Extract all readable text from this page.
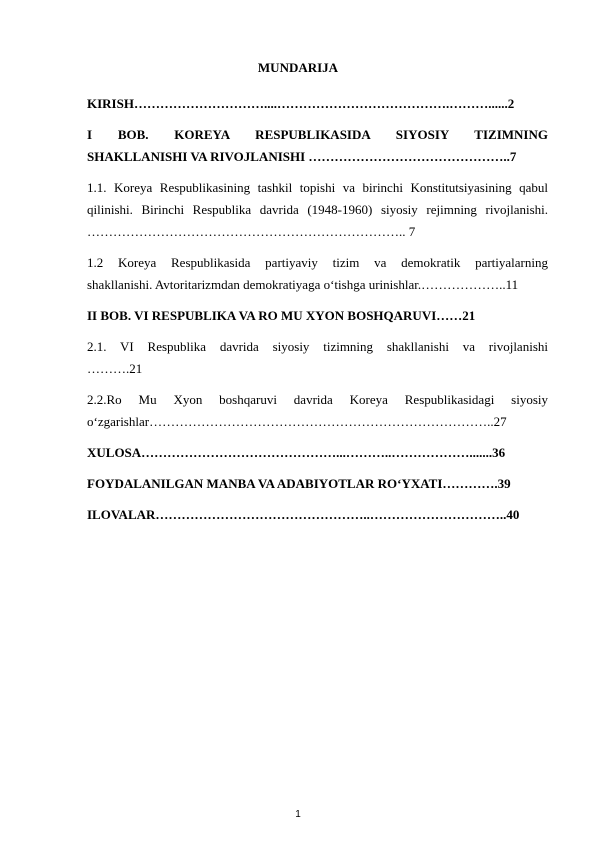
MUNDARIJA
KIRISH…………………………....………………………………….………......2
I BOB. KOREYA RESPUBLIKASIDA SIYOSIY TIZIMNING
SHAKLLANISHI VA RIVOJLANISHI ………………………………………..7
1.1. Koreya Respublikasining tashkil topishi va birinchi Konstitutsiyasining qabul
qilinishi. Birinchi Respublika davrida (1948-1960) siyosiy rejimning rivojlanishi.
……………………………………………………………….. 7
1.2 Koreya Respublikasida partiyaviy tizim va demokratik partiyalarning
shakllanishi. Avtoritarizmdan demokratiyaga o‘tishga urinishlar.………………..11
II BOB. VI RESPUBLIKA VA RO MU XYON BOSHQARUVI……21
2.1. VI Respublika davrida siyosiy tizimning shakllanishi va rivojlanishi
……….21
2.2.Ro Mu Xyon boshqaruvi davrida Koreya Respublikasidagi siyosiy
o‘zgarishlar……………………………………………………………………..27
XULOSA………………………………………...………..……………….......36
FOYDALANILGAN MANBA VA ADABIYOTLAR RO‘YXATI………….39
ILOVALAR…………………………………………..…………………………..40
1
